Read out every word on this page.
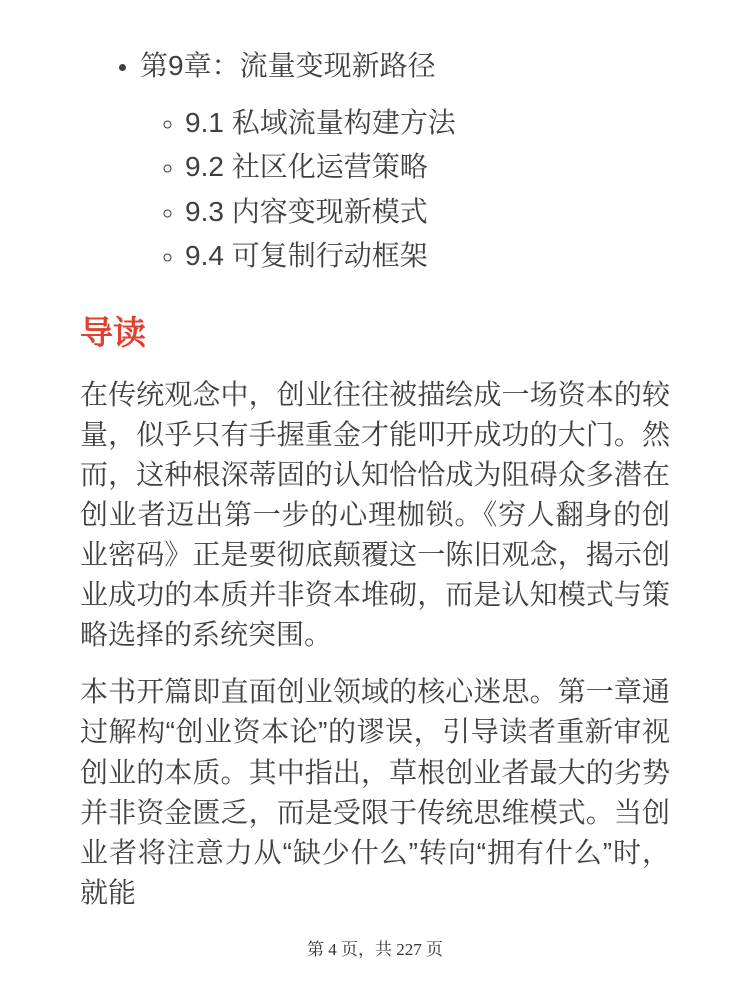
• 第9章：流量变现新路径
◦ 9.1 私域流量构建方法
◦ 9.2 社区化运营策略
◦ 9.3 内容变现新模式
◦ 9.4 可复制行动框架
导读

在传统观念中，创业往往被描绘成一场资本的较量，似乎只有手握重金才能叩开成功的大门。然而，这种根深蒂固的认知恰恰成为阻碍众多潜在创业者迈出第一步的心理枷锁。《穷人翻身的创业密码》正是要彻底颠覆这一陈旧观念，揭示创业成功的本质并非资本堆砌，而是认知模式与策略选择的系统突围。

本书开篇即直面创业领域的核心迷思。第一章通过解构“创业资本论”的谬误，引导读者重新审视创业的本质。其中指出，草根创业者最大的劣势并非资金匮乏，而是受限于传统思维模式。当创业者将注意力从“缺少什么”转向“拥有什么”时，就能

第 4 页，共 227 页
